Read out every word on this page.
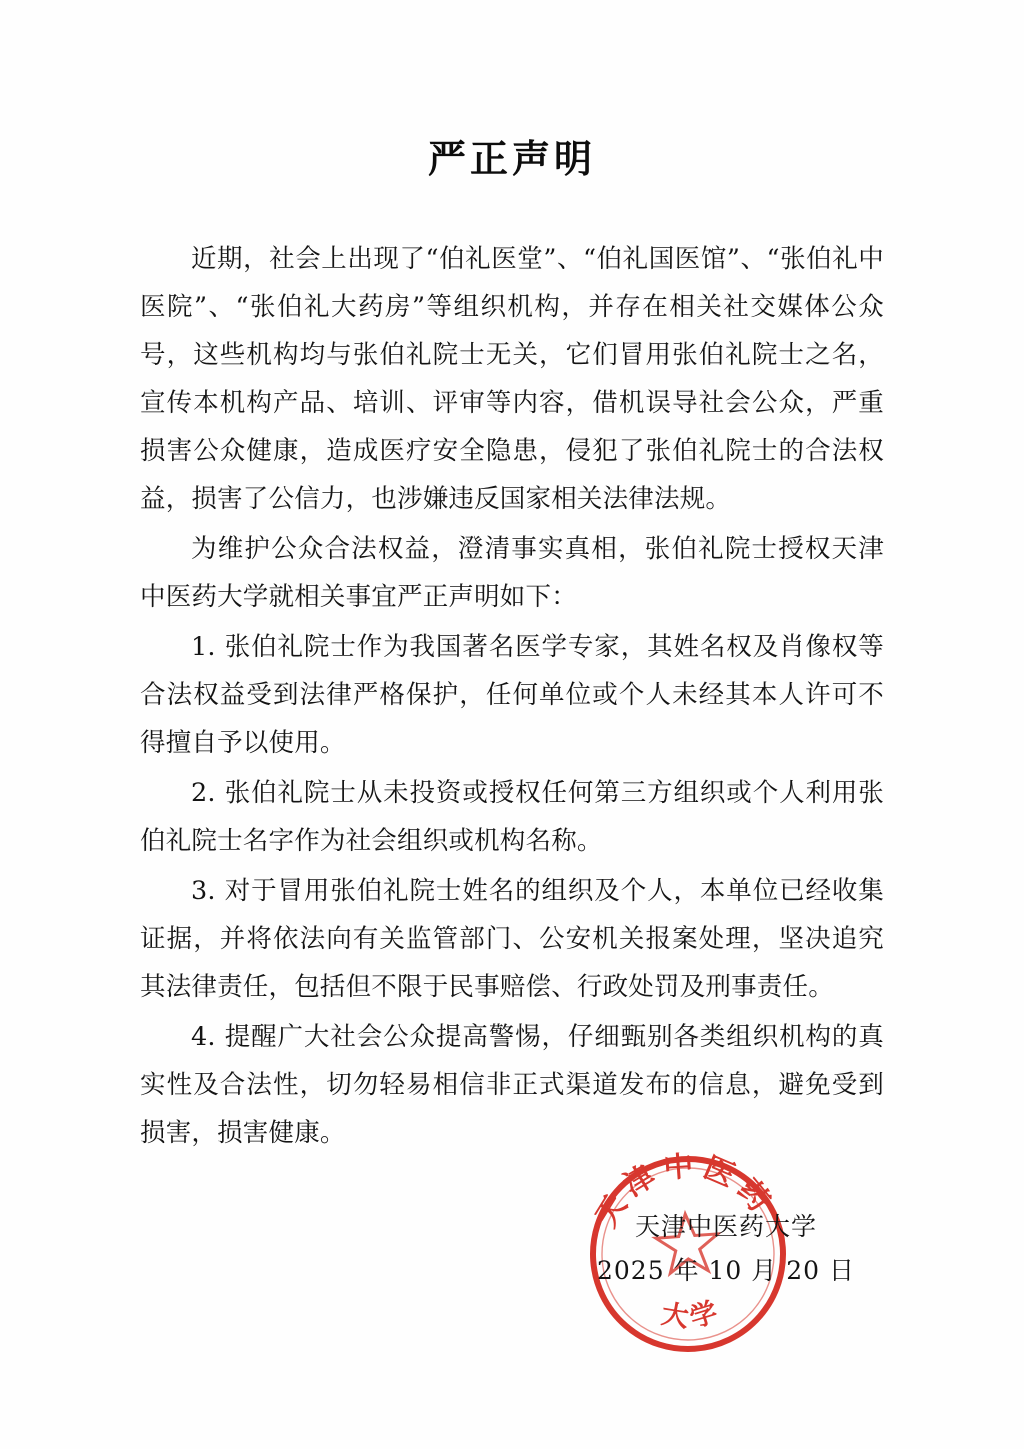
严正声明

近期，社会上出现了“伯礼医堂”、“伯礼国医馆”、“张伯礼中医院”、“张伯礼大药房”等组织机构，并存在相关社交媒体公众号，这些机构均与张伯礼院士无关，它们冒用张伯礼院士之名，宣传本机构产品、培训、评审等内容，借机误导社会公众，严重损害公众健康，造成医疗安全隐患，侵犯了张伯礼院士的合法权益，损害了公信力，也涉嫌违反国家相关法律法规。

为维护公众合法权益，澄清事实真相，张伯礼院士授权天津中医药大学就相关事宜严正声明如下：

1. 张伯礼院士作为我国著名医学专家，其姓名权及肖像权等合法权益受到法律严格保护，任何单位或个人未经其本人许可不得擅自予以使用。

2. 张伯礼院士从未投资或授权任何第三方组织或个人利用张伯礼院士名字作为社会组织或机构名称。

3. 对于冒用张伯礼院士姓名的组织及个人，本单位已经收集证据，并将依法向有关监管部门、公安机关报案处理，坚决追究其法律责任，包括但不限于民事赔偿、行政处罚及刑事责任。

4. 提醒广大社会公众提高警惕，仔细甄别各类组织机构的真实性及合法性，切勿轻易相信非正式渠道发布的信息，避免受到损害，损害健康。

天津中医药
大学
天津中医药大学
2025 年 10 月 20 日
